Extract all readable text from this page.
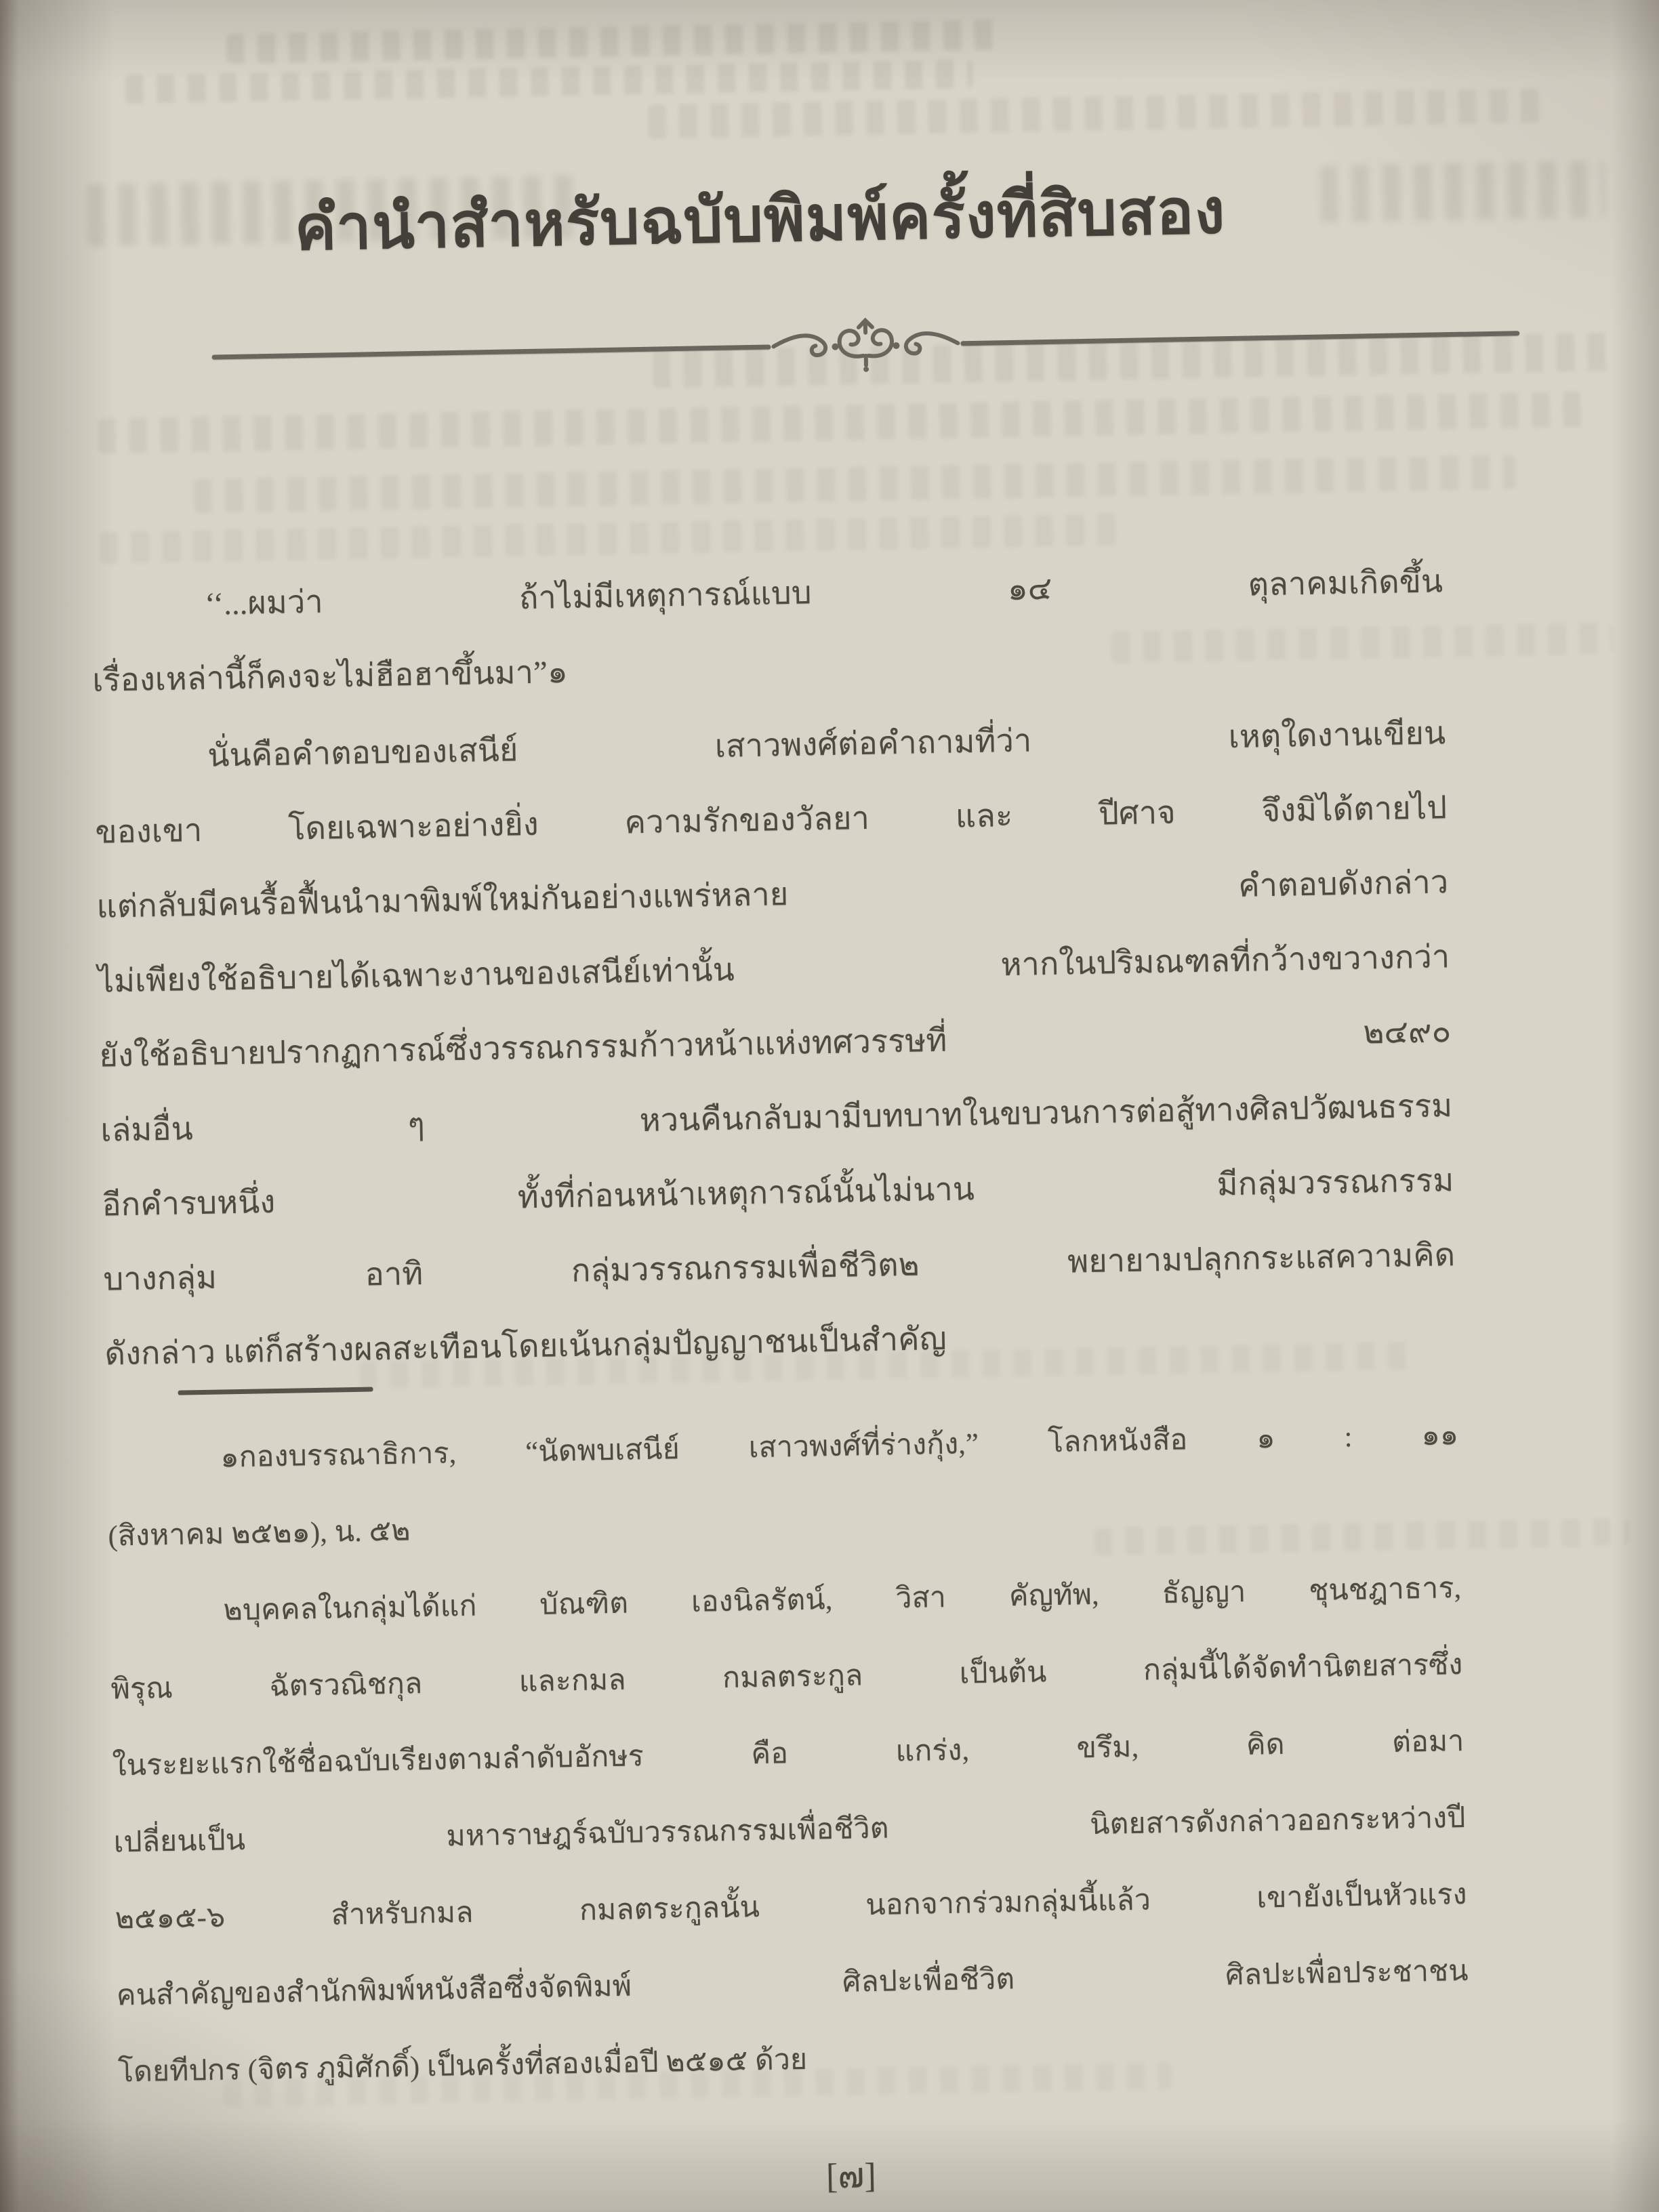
คำนำสำหรับฉบับพิมพ์ครั้งที่สิบสอง
‘‘...ผมว่า ถ้าไม่มีเหตุการณ์แบบ ๑๔ ตุลาคมเกิดขึ้น
เรื่องเหล่านี้ก็คงจะไม่ฮือฮาขึ้นมา”๑
นั่นคือคำตอบของเสนีย์ เสาวพงศ์ต่อคำถามที่ว่า เหตุใดงานเขียน
ของเขา โดยเฉพาะอย่างยิ่ง ความรักของวัลยา และ ปีศาจ จึงมิได้ตายไป
แต่กลับมีคนรื้อฟื้นนำมาพิมพ์ใหม่กันอย่างแพร่หลาย คำตอบดังกล่าว
ไม่เพียงใช้อธิบายได้เฉพาะงานของเสนีย์เท่านั้น หากในปริมณฑลที่กว้างขวางกว่า
ยังใช้อธิบายปรากฏการณ์ซึ่งวรรณกรรมก้าวหน้าแห่งทศวรรษที่ ๒๔๙๐
เล่มอื่น ๆ หวนคืนกลับมามีบทบาทในขบวนการต่อสู้ทางศิลปวัฒนธรรม
อีกคำรบหนึ่ง ทั้งที่ก่อนหน้าเหตุการณ์นั้นไม่นาน มีกลุ่มวรรณกรรม
บางกลุ่ม อาทิ กลุ่มวรรณกรรมเพื่อชีวิต๒ พยายามปลุกกระแสความคิด
ดังกล่าว แต่ก็สร้างผลสะเทือนโดยเน้นกลุ่มปัญญาชนเป็นสำคัญ
๑กองบรรณาธิการ, “นัดพบเสนีย์ เสาวพงศ์ที่ร่างกุ้ง,” โลกหนังสือ ๑ : ๑๑
(สิงหาคม ๒๕๒๑), น. ๕๒
๒บุคคลในกลุ่มได้แก่ บัณฑิต เองนิลรัตน์, วิสา คัญทัพ, ธัญญา ชุนชฎาธาร,
พิรุณ ฉัตรวณิชกุล และกมล กมลตระกูล เป็นต้น กลุ่มนี้ได้จัดทำนิตยสารซึ่ง
ในระยะแรกใช้ชื่อฉบับเรียงตามลำดับอักษร คือ แกร่ง, ขรึม, คิด ต่อมา
เปลี่ยนเป็น มหาราษฎร์ฉบับวรรณกรรมเพื่อชีวิต นิตยสารดังกล่าวออกระหว่างปี
๒๕๑๕-๖ สำหรับกมล กมลตระกูลนั้น นอกจากร่วมกลุ่มนี้แล้ว เขายังเป็นหัวแรง
คนสำคัญของสำนักพิมพ์หนังสือซึ่งจัดพิมพ์ ศิลปะเพื่อชีวิต ศิลปะเพื่อประชาชน
โดยทีปกร (จิตร ภูมิศักดิ์) เป็นครั้งที่สองเมื่อปี ๒๕๑๕ ด้วย
[๗]
